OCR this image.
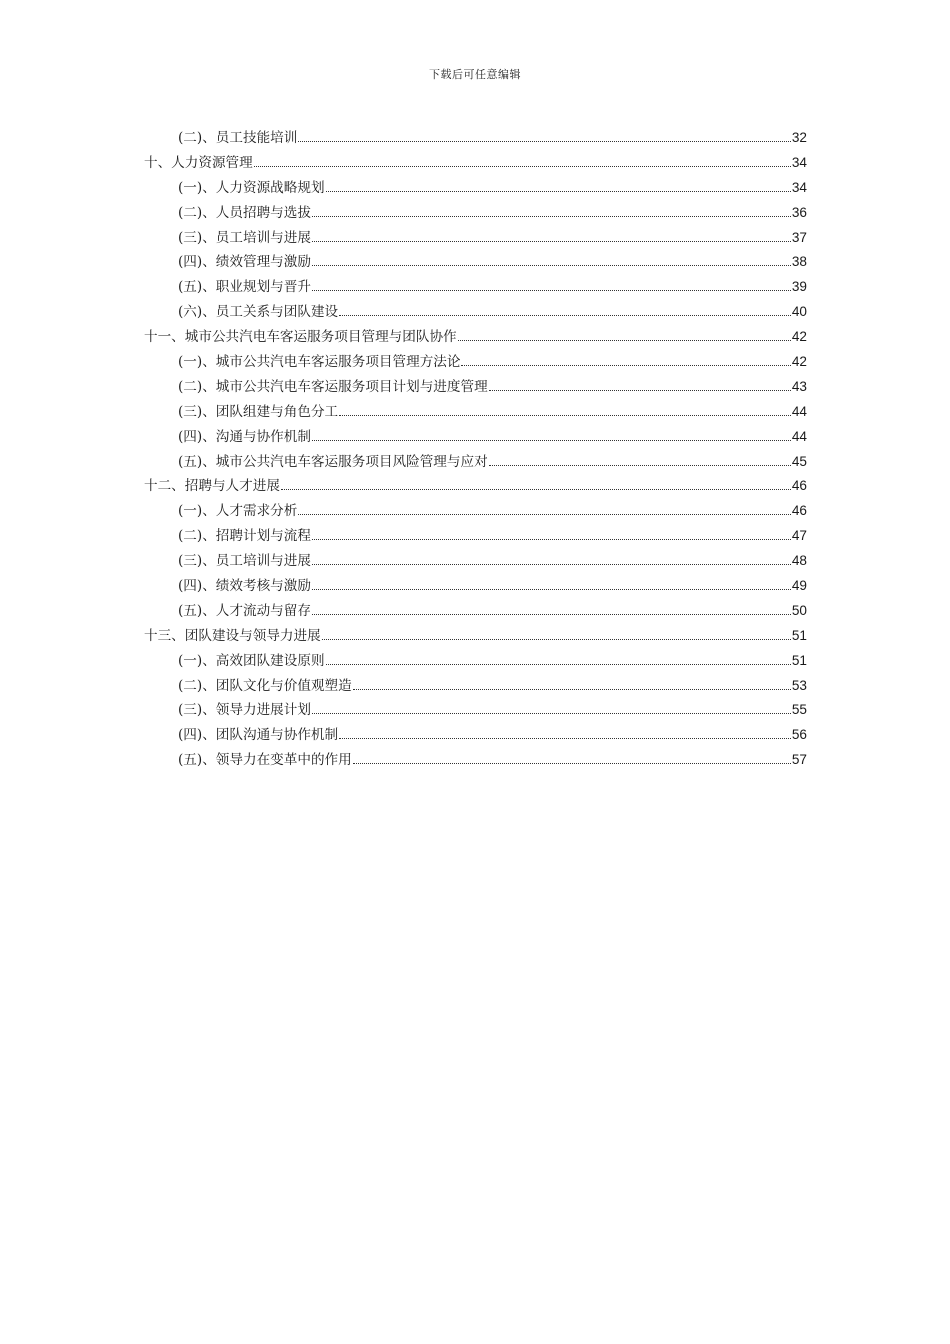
下载后可任意编辑
(二)、员工技能培训	32
十、人力资源管理	34
(一)、人力资源战略规划	34
(二)、人员招聘与选拔	36
(三)、员工培训与进展	37
(四)、绩效管理与激励	38
(五)、职业规划与晋升	39
(六)、员工关系与团队建设	40
十一、城市公共汽电车客运服务项目管理与团队协作	42
(一)、城市公共汽电车客运服务项目管理方法论	42
(二)、城市公共汽电车客运服务项目计划与进度管理	43
(三)、团队组建与角色分工	44
(四)、沟通与协作机制	44
(五)、城市公共汽电车客运服务项目风险管理与应对	45
十二、招聘与人才进展	46
(一)、人才需求分析	46
(二)、招聘计划与流程	47
(三)、员工培训与进展	48
(四)、绩效考核与激励	49
(五)、人才流动与留存	50
十三、团队建设与领导力进展	51
(一)、高效团队建设原则	51
(二)、团队文化与价值观塑造	53
(三)、领导力进展计划	55
(四)、团队沟通与协作机制	56
(五)、领导力在变革中的作用	57
